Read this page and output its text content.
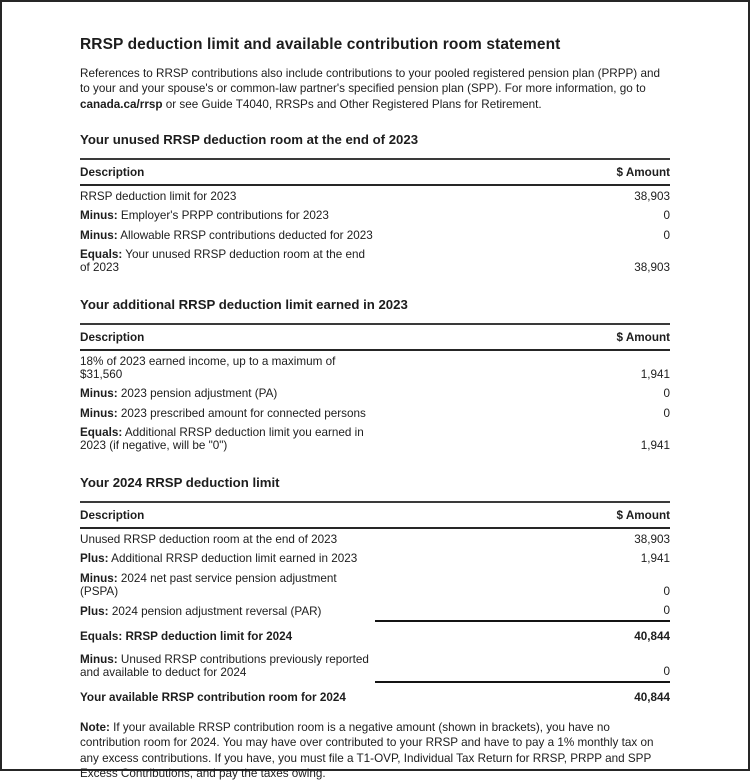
RRSP deduction limit and available contribution room statement

References to RRSP contributions also include contributions to your pooled registered pension plan (PRPP) and to your and your spouse's or common-law partner's specified pension plan (SPP). For more information, go to canada.ca/rrsp or see Guide T4040, RRSPs and Other Registered Plans for Retirement.

Your unused RRSP deduction room at the end of 2023
Description	$ Amount
RRSP deduction limit for 2023	38,903
Minus: Employer's PRPP contributions for 2023	0
Minus: Allowable RRSP contributions deducted for 2023	0
Equals: Your unused RRSP deduction room at the end of 2023	38,903
Your additional RRSP deduction limit earned in 2023
Description	$ Amount
18% of 2023 earned income, up to a maximum of $31,560	1,941
Minus: 2023 pension adjustment (PA)	0
Minus: 2023 prescribed amount for connected persons	0
Equals: Additional RRSP deduction limit you earned in 2023 (if negative, will be "0")	1,941
Your 2024 RRSP deduction limit
Description	$ Amount
Unused RRSP deduction room at the end of 2023	38,903
Plus: Additional RRSP deduction limit earned in 2023	1,941
Minus: 2024 net past service pension adjustment (PSPA)	0
Plus: 2024 pension adjustment reversal (PAR)	0
Equals: RRSP deduction limit for 2024	40,844
Minus: Unused RRSP contributions previously reported and available to deduct for 2024	0
Your available RRSP contribution room for 2024	40,844

Note: If your available RRSP contribution room is a negative amount (shown in brackets), you have no contribution room for 2024. You may have over contributed to your RRSP and have to pay a 1% monthly tax on any excess contributions. If you have, you must file a T1-OVP, Individual Tax Return for RRSP, PRPP and SPP Excess Contributions, and pay the taxes owing.
